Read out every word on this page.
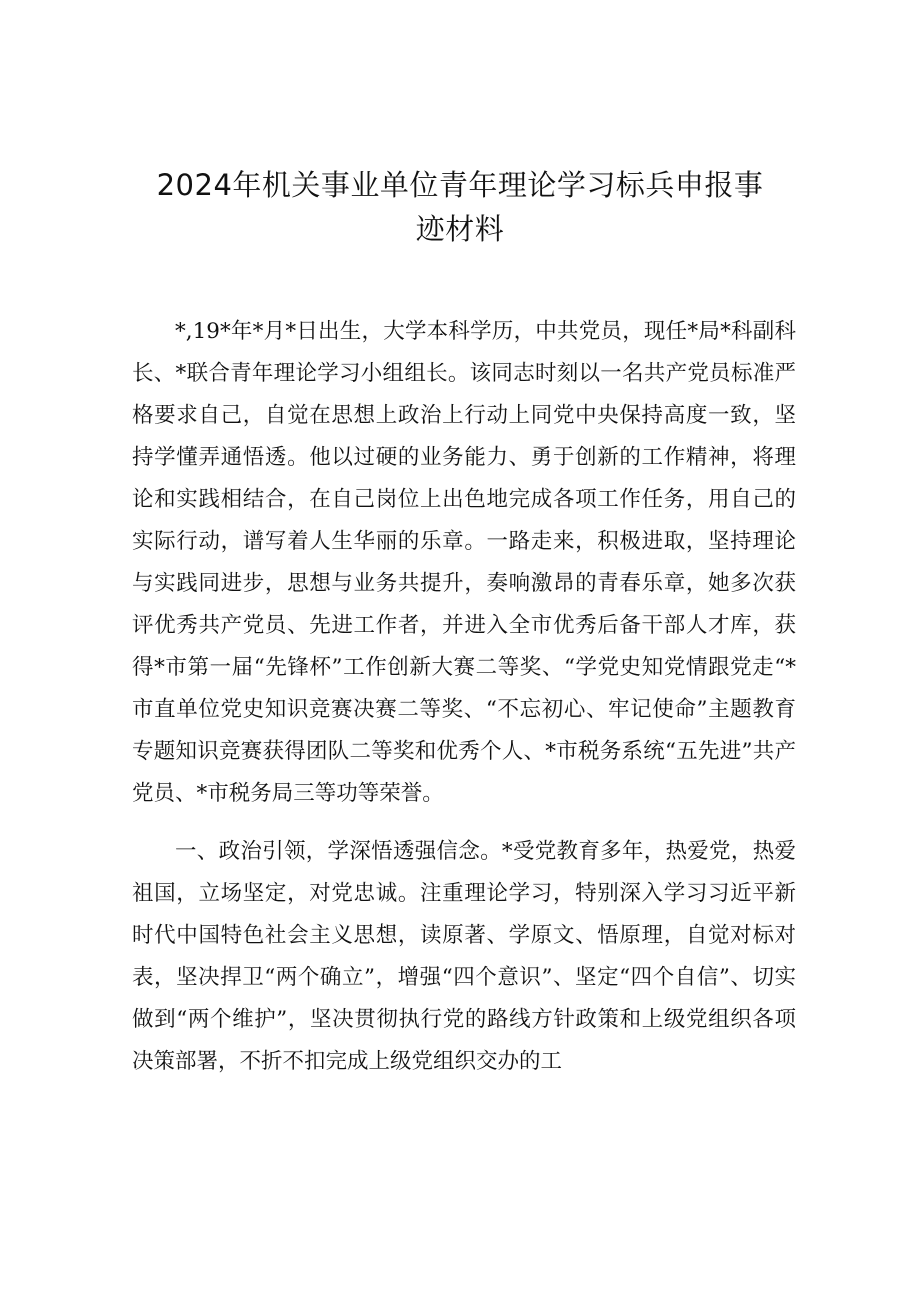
2024年机关事业单位青年理论学习标兵申报事
迹材料

*,19*年*月*日出生，大学本科学历，中共党员，现任*局*科副科长、*联合青年理论学习小组组长。该同志时刻以一名共产党员标准严格要求自己，自觉在思想上政治上行动上同党中央保持高度一致，坚持学懂弄通悟透。他以过硬的业务能力、勇于创新的工作精神，将理论和实践相结合，在自己岗位上出色地完成各项工作任务，用自己的实际行动，谱写着人生华丽的乐章。一路走来，积极进取，坚持理论与实践同进步，思想与业务共提升，奏响激昂的青春乐章，她多次获评优秀共产党员、先进工作者，并进入全市优秀后备干部人才库，获得*市第一届“先锋杯”工作创新大赛二等奖、“学党史知党情跟党走“*市直单位党史知识竞赛决赛二等奖、“不忘初心、牢记使命”主题教育专题知识竞赛获得团队二等奖和优秀个人、*市税务系统“五先进”共产党员、*市税务局三等功等荣誉。

一、政治引领，学深悟透强信念。*受党教育多年，热爱党，热爱祖国，立场坚定，对党忠诚。注重理论学习，特别深入学习习近平新时代中国特色社会主义思想，读原著、学原文、悟原理，自觉对标对表，坚决捍卫“两个确立”，增强“四个意识”、坚定“四个自信”、切实做到“两个维护”，坚决贯彻执行党的路线方针政策和上级党组织各项决策部署，不折不扣完成上级党组织交办的工
